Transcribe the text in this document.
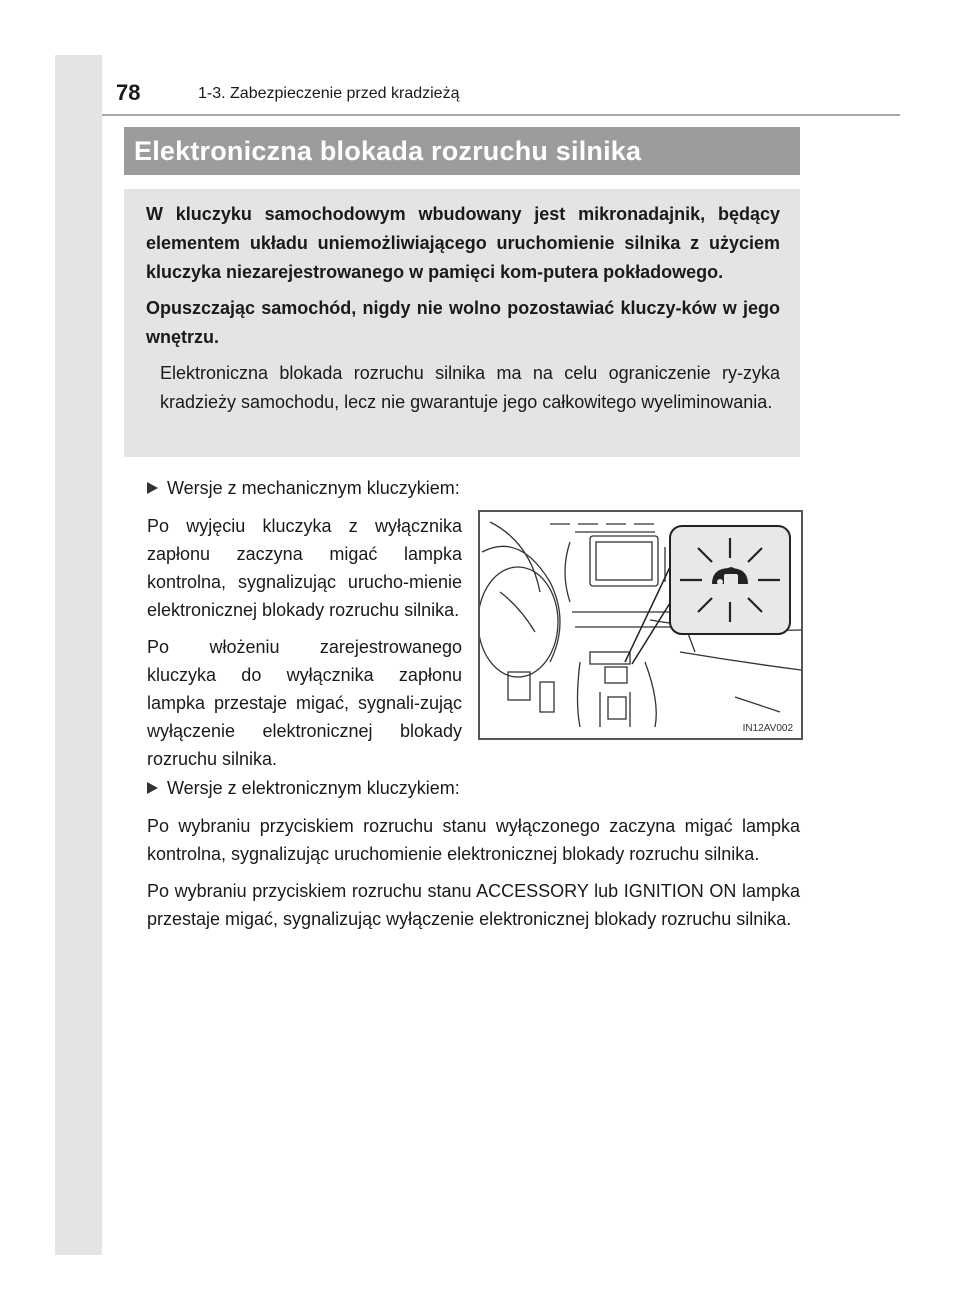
78	1-3. Zabezpieczenie przed kradzieżą
Elektroniczna blokada rozruchu silnika

W kluczyku samochodowym wbudowany jest mikronadajnik, będący elementem układu uniemożliwiającego uruchomienie silnika z użyciem kluczyka niezarejestrowanego w pamięci kom-putera pokładowego.

Opuszczając samochód, nigdy nie wolno pozostawiać kluczy-ków w jego wnętrzu.

Elektroniczna blokada rozruchu silnika ma na celu ograniczenie ry-zyka kradzieży samochodu, lecz nie gwarantuje jego całkowitego wyeliminowania.

Wersje z mechanicznym kluczykiem:

Po wyjęciu kluczyka z wyłącznika zapłonu zaczyna migać lampka kontrolna, sygnalizując urucho-mienie elektronicznej blokady rozruchu silnika.

Po włożeniu zarejestrowanego kluczyka do wyłącznika zapłonu lampka przestaje migać, sygnali-zując wyłączenie elektronicznej blokady rozruchu silnika.

Wersje z elektronicznym kluczykiem:

Po wybraniu przyciskiem rozruchu stanu wyłączonego zaczyna migać lampka kontrolna, sygnalizując uruchomienie elektronicznej blokady rozruchu silnika.

Po wybraniu przyciskiem rozruchu stanu ACCESSORY lub IGNITION ON lampka przestaje migać, sygnalizując wyłączenie elektronicznej blokady rozruchu silnika.

IN12AV002
